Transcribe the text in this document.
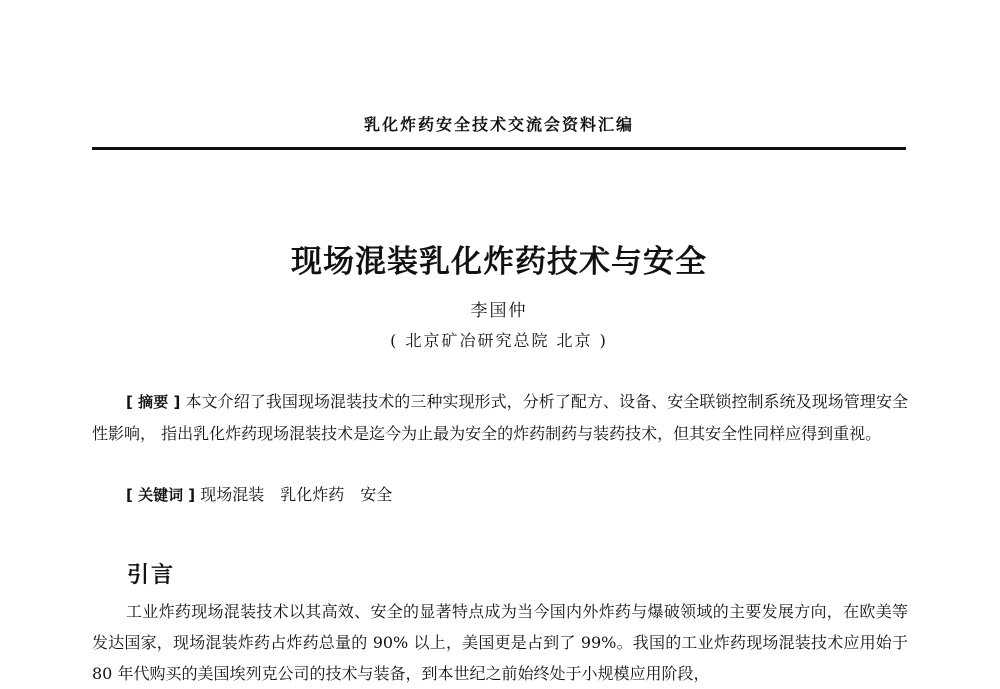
乳化炸药安全技术交流会资料汇编
现场混装乳化炸药技术与安全
李国仲
( 北京矿冶研究总院 北京 )

[ 摘要 ] 本文介绍了我国现场混装技术的三种实现形式，分析了配方、设备、安全联锁控制系统及现场管理安全性影响， 指出乳化炸药现场混装技术是迄今为止最为安全的炸药制药与装药技术，但其安全性同样应得到重视。

[ 关键词 ] 现场混装 乳化炸药 安全

引言

工业炸药现场混装技术以其高效、安全的显著特点成为当今国内外炸药与爆破领域的主要发展方向，在欧美等发达国家，现场混装炸药占炸药总量的 90% 以上，美国更是占到了 99%。我国的工业炸药现场混装技术应用始于 80 年代购买的美国埃列克公司的技术与装备，到本世纪之前始终处于小规模应用阶段，
